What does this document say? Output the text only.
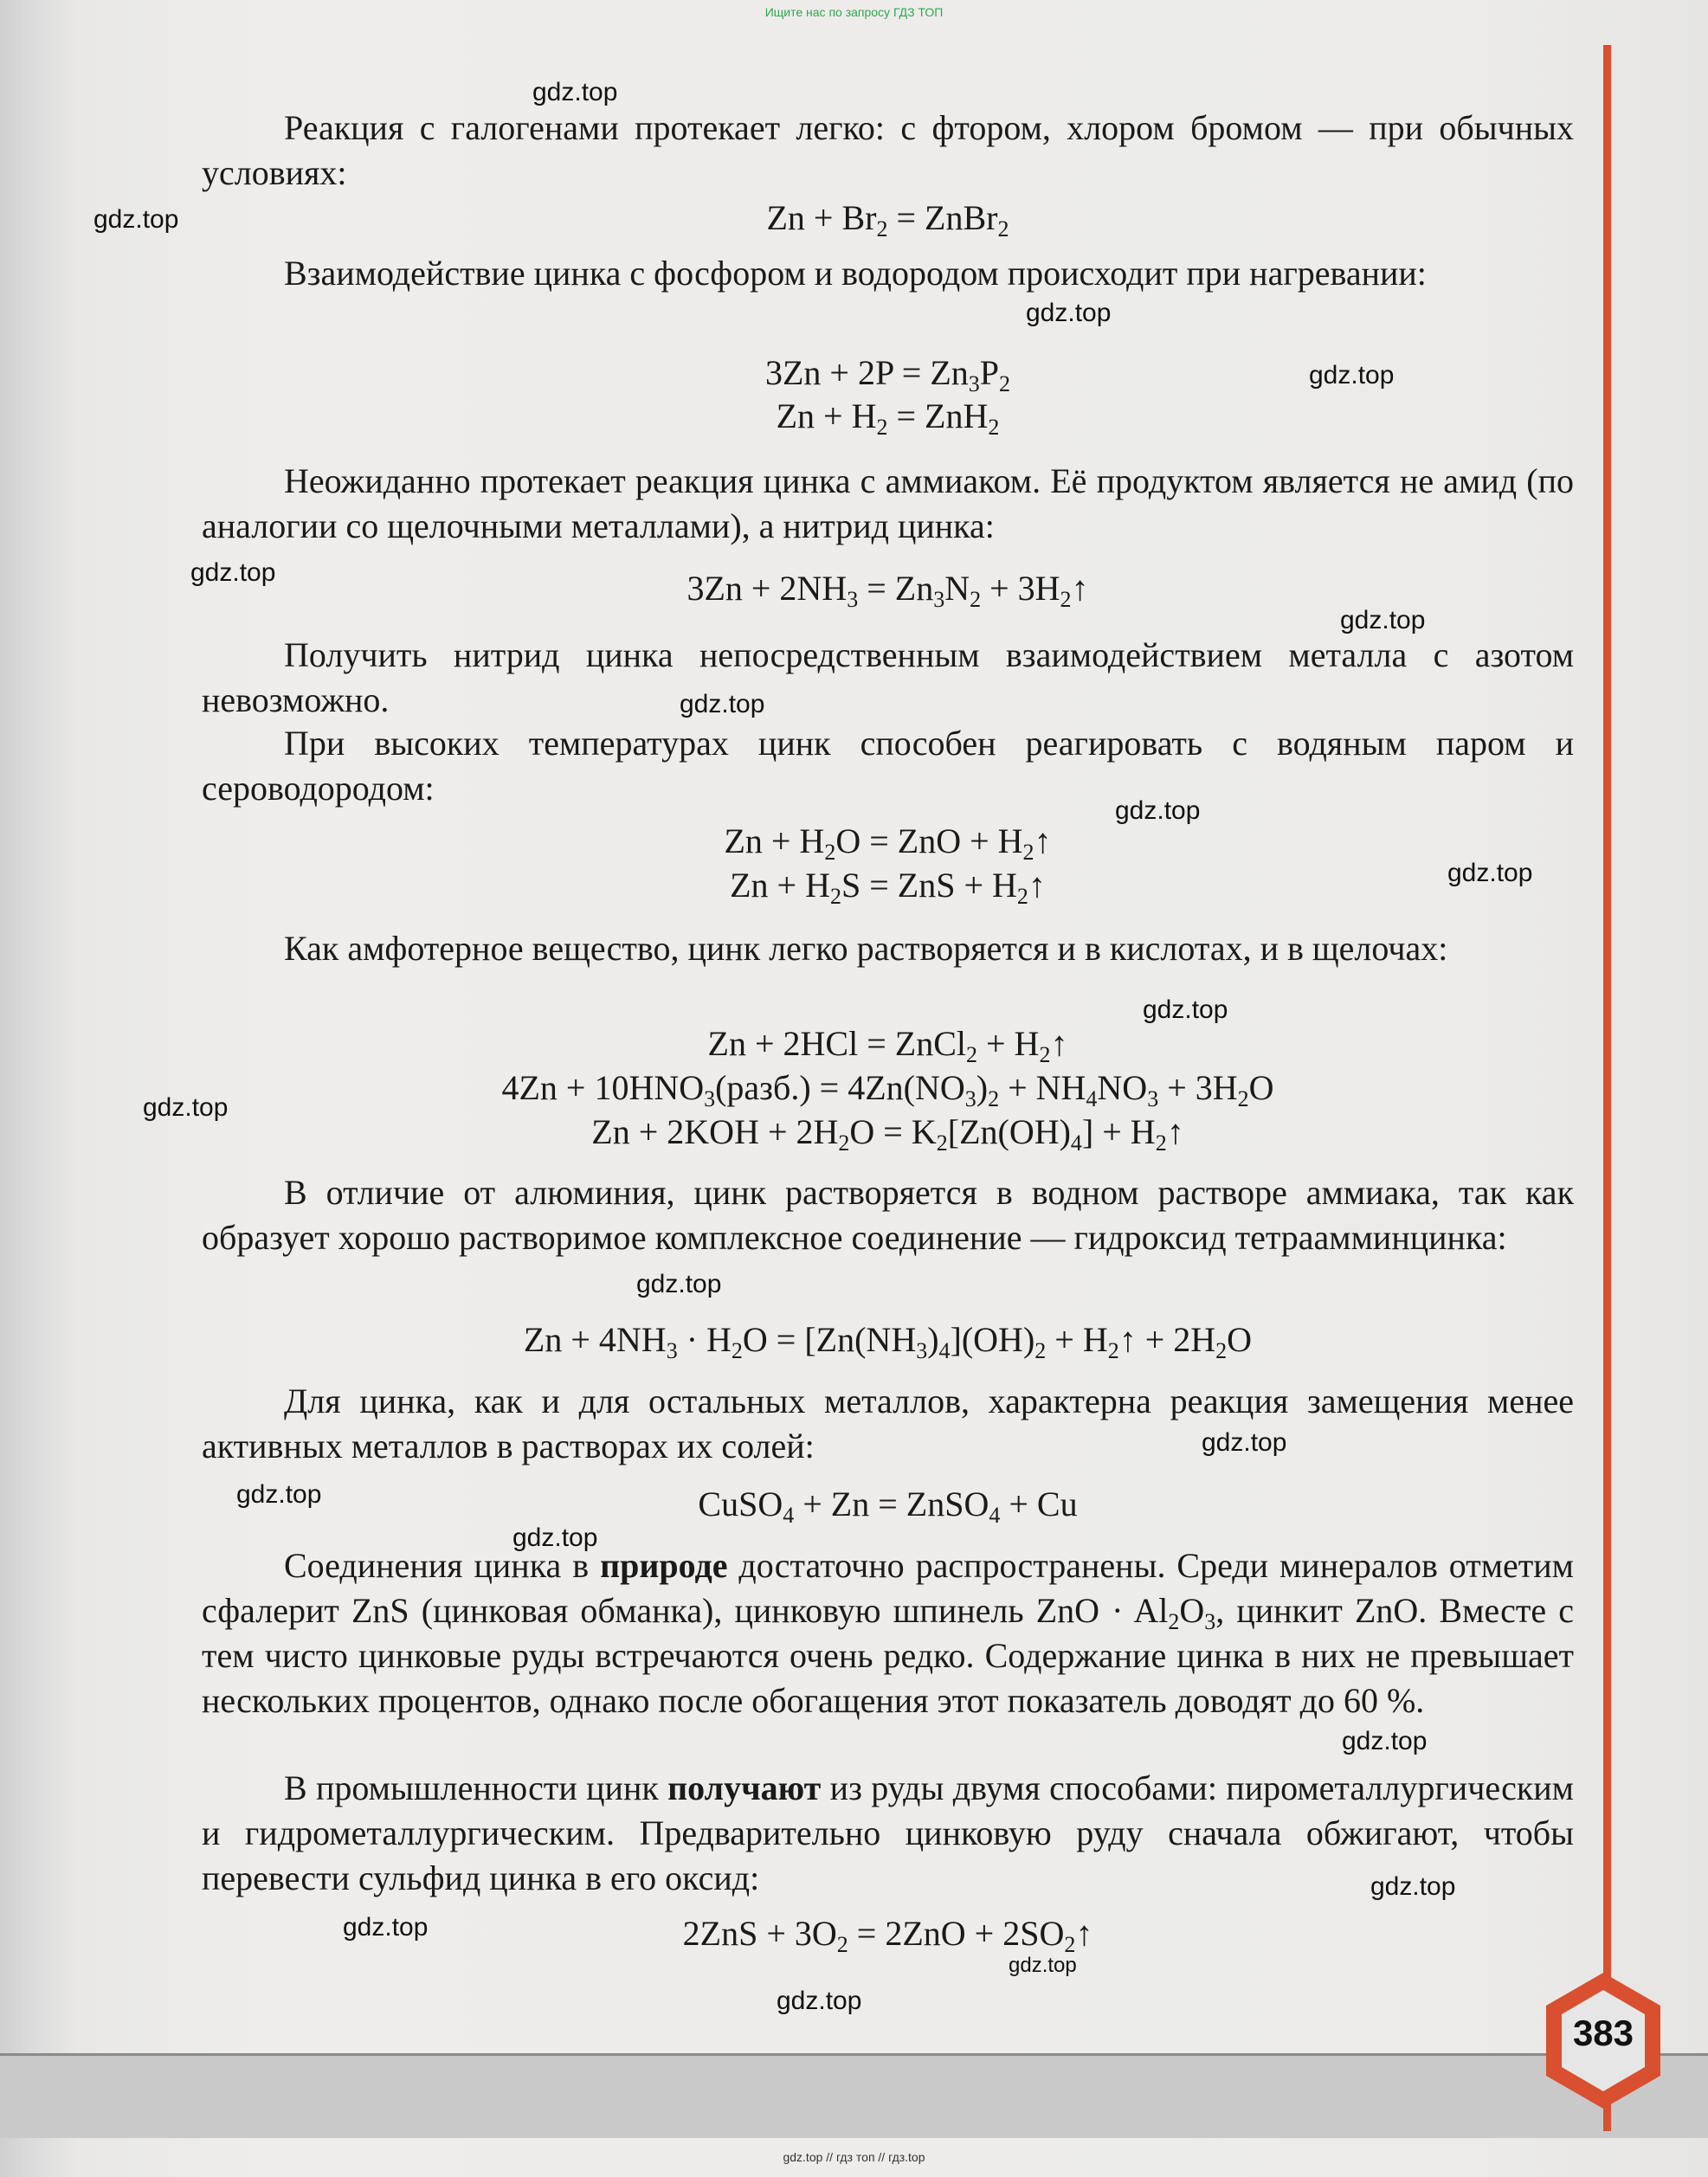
383
Ищите нас по запросу ГДЗ ТОП
gdz.top // гдз топ // гдз.top
Реакция с галогенами протекает легко: с фтором, хлором бромом — при обычных условиях:
$Zn + Br_2$ = ZnBr$_2$
Взаимодействие цинка с фосфором и водородом происходит при нагревании:
$3Zn + 2P = Zn_3P_2$
$Zn + H_2 = ZnH_2$
Неожиданно протекает реакция цинка с аммиаком. Её продуктом является не амид (по аналогии со щелочными металлами), а нитрид цинка:
$3Zn + 2NH_3 = Zn_3N_2$ + $3H_2↑$
Получить нитрид цинка непосредственным взаимодействием металла с азотом невозможно.
При высоких температурах цинк способен реагировать с водяным паром и сероводородом:
$Zn + H_2O$ = ZnO + $H_2↑$
$Zn + H_2S$ = ZnS + $H_2↑$
Как амфотерное вещество, цинк легко растворяется и в кислотах, и в щелочах:
Zn + 2HCl = ZnCl$_2$ + $H_2↑$
$4Zn + 10HNO_3(разб.) = 4Zn(NO_3)_2 + NH_4NO_3 + 3H_2O$
$Zn + 2KOH + 2H_2O = K_2[Zn(OH)_4]$ + $H_2↑$
В отличие от алюминия, цинк растворяется в водном растворе аммиака, так как образует хорошо растворимое комплексное соединение — гидроксид тетраамминцинка:
$Zn + 4NH_3 \cdot H_2O = [Zn(NH_3)_4](OH)_2$ + $H_2↑ + 2H_2O$
Для цинка, как и для остальных металлов, характерна реакция замещения менее активных металлов в растворах их солей:
CuSO$_4$ + Zn = ZnSO$_4$ + Cu
Соединения цинка в природе достаточно распространены. Среди минералов отметим сфалерит ZnS (цинковая обманка), цинковую шпинель ZnO · $Al_2O_3$, цинкит ZnO. Вместе с тем чисто цинковые руды встречаются очень редко. Содержание цинка в них не превышает нескольких процентов, однако после обогащения этот показатель доводят до 60 %.
В промышленности цинк получают из руды двумя способами: пирометаллургическим и гидрометаллургическим. Предварительно цинковую руду сначала обжигают, чтобы перевести сульфид цинка в его оксид:
$2ZnS + 3O_2 = 2ZnO$ + $2SO_2↑$
gdz.top
gdz.top
gdz.top
gdz.top
gdz.top
gdz.top
gdz.top
gdz.top
gdz.top
gdz.top
gdz.top
gdz.top
gdz.top
gdz.top
gdz.top
gdz.top
gdz.top
gdz.top
gdz.top
gdz.top
